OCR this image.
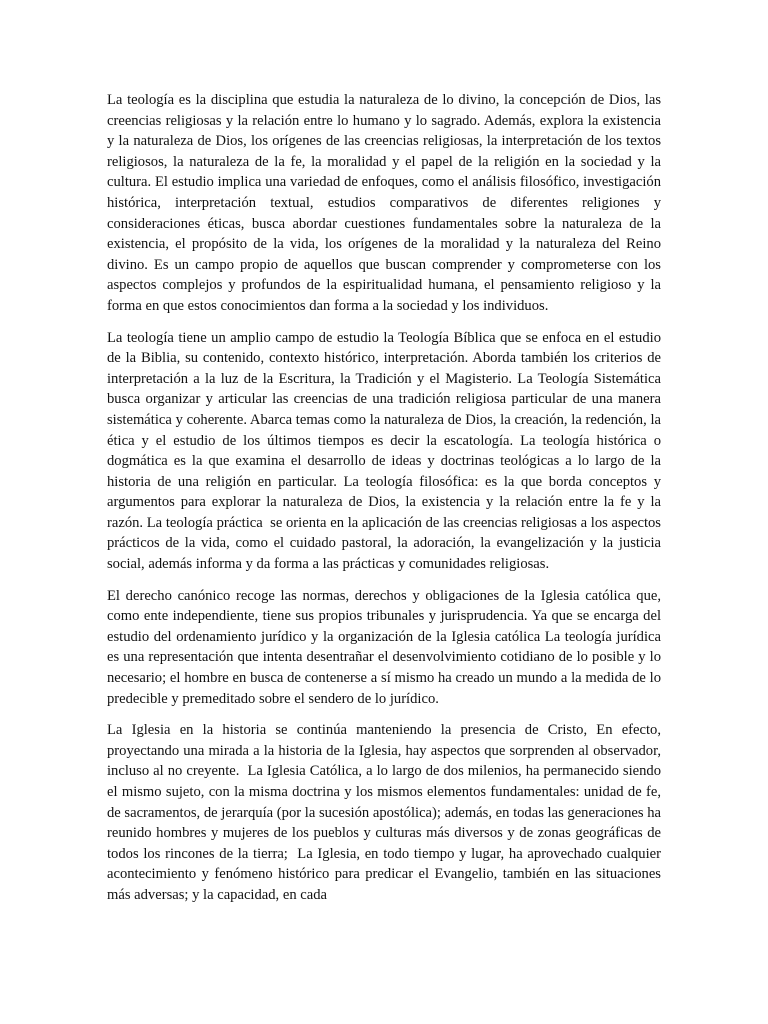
La teología es la disciplina que estudia la naturaleza de lo divino, la concepción de Dios, las creencias religiosas y la relación entre lo humano y lo sagrado. Además, explora la existencia y la naturaleza de Dios, los orígenes de las creencias religiosas, la interpretación de los textos religiosos, la naturaleza de la fe, la moralidad y el papel de la religión en la sociedad y la cultura. El estudio implica una variedad de enfoques, como el análisis filosófico, investigación histórica, interpretación textual, estudios comparativos de diferentes religiones y consideraciones éticas, busca abordar cuestiones fundamentales sobre la naturaleza de la existencia, el propósito de la vida, los orígenes de la moralidad y la naturaleza del Reino divino. Es un campo propio de aquellos que buscan comprender y comprometerse con los aspectos complejos y profundos de la espiritualidad humana, el pensamiento religioso y la forma en que estos conocimientos dan forma a la sociedad y los individuos.

La teología tiene un amplio campo de estudio la Teología Bíblica que se enfoca en el estudio de la Biblia, su contenido, contexto histórico, interpretación. Aborda también los criterios de interpretación a la luz de la Escritura, la Tradición y el Magisterio. La Teología Sistemática busca organizar y articular las creencias de una tradición religiosa particular de una manera sistemática y coherente. Abarca temas como la naturaleza de Dios, la creación, la redención, la ética y el estudio de los últimos tiempos es decir la escatología. La teología histórica o dogmática es la que examina el desarrollo de ideas y doctrinas teológicas a lo largo de la historia de una religión en particular. La teología filosófica: es la que borda conceptos y argumentos para explorar la naturaleza de Dios, la existencia y la relación entre la fe y la razón. La teología práctica  se orienta en la aplicación de las creencias religiosas a los aspectos prácticos de la vida, como el cuidado pastoral, la adoración, la evangelización y la justicia social, además informa y da forma a las prácticas y comunidades religiosas.

El derecho canónico recoge las normas, derechos y obligaciones de la Iglesia católica que, como ente independiente, tiene sus propios tribunales y jurisprudencia. Ya que se encarga del estudio del ordenamiento jurídico y la organización de la Iglesia católica La teología jurídica es una representación que intenta desentrañar el desenvolvimiento cotidiano de lo posible y lo necesario; el hombre en busca de contenerse a sí mismo ha creado un mundo a la medida de lo predecible y premeditado sobre el sendero de lo jurídico.

La Iglesia en la historia se continúa manteniendo la presencia de Cristo, En efecto, proyectando una mirada a la historia de la Iglesia, hay aspectos que sorprenden al observador, incluso al no creyente.  La Iglesia Católica, a lo largo de dos milenios, ha permanecido siendo el mismo sujeto, con la misma doctrina y los mismos elementos fundamentales: unidad de fe, de sacramentos, de jerarquía (por la sucesión apostólica); además, en todas las generaciones ha reunido hombres y mujeres de los pueblos y culturas más diversos y de zonas geográficas de todos los rincones de la tierra;  La Iglesia, en todo tiempo y lugar, ha aprovechado cualquier acontecimiento y fenómeno histórico para predicar el Evangelio, también en las situaciones más adversas; y la capacidad, en cada
